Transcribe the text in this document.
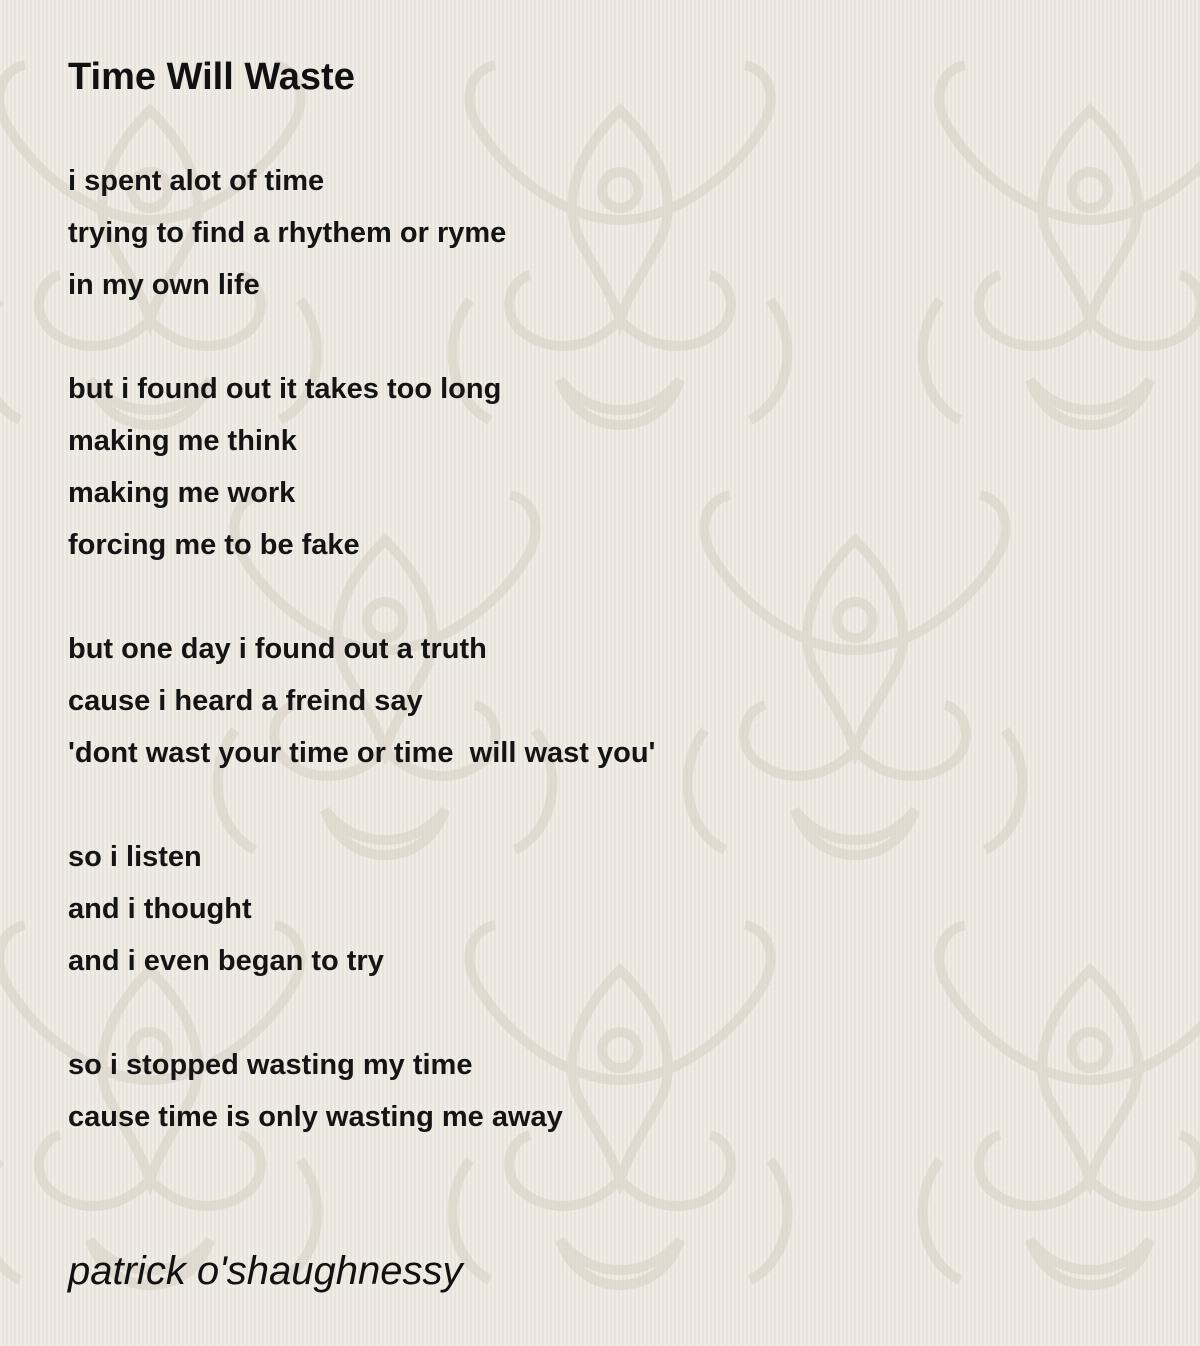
Time Will Waste
i spent alot of time
trying to find a rhythem or ryme
in my own life
but i found out it takes too long
making me think
making me work
forcing me to be fake
but one day i found out a truth
cause i heard a freind say
'dont wast your time or time  will wast you'
so i listen
and i thought
and i even began to try
so i stopped wasting my time
cause time is only wasting me away
patrick o'shaughnessy
